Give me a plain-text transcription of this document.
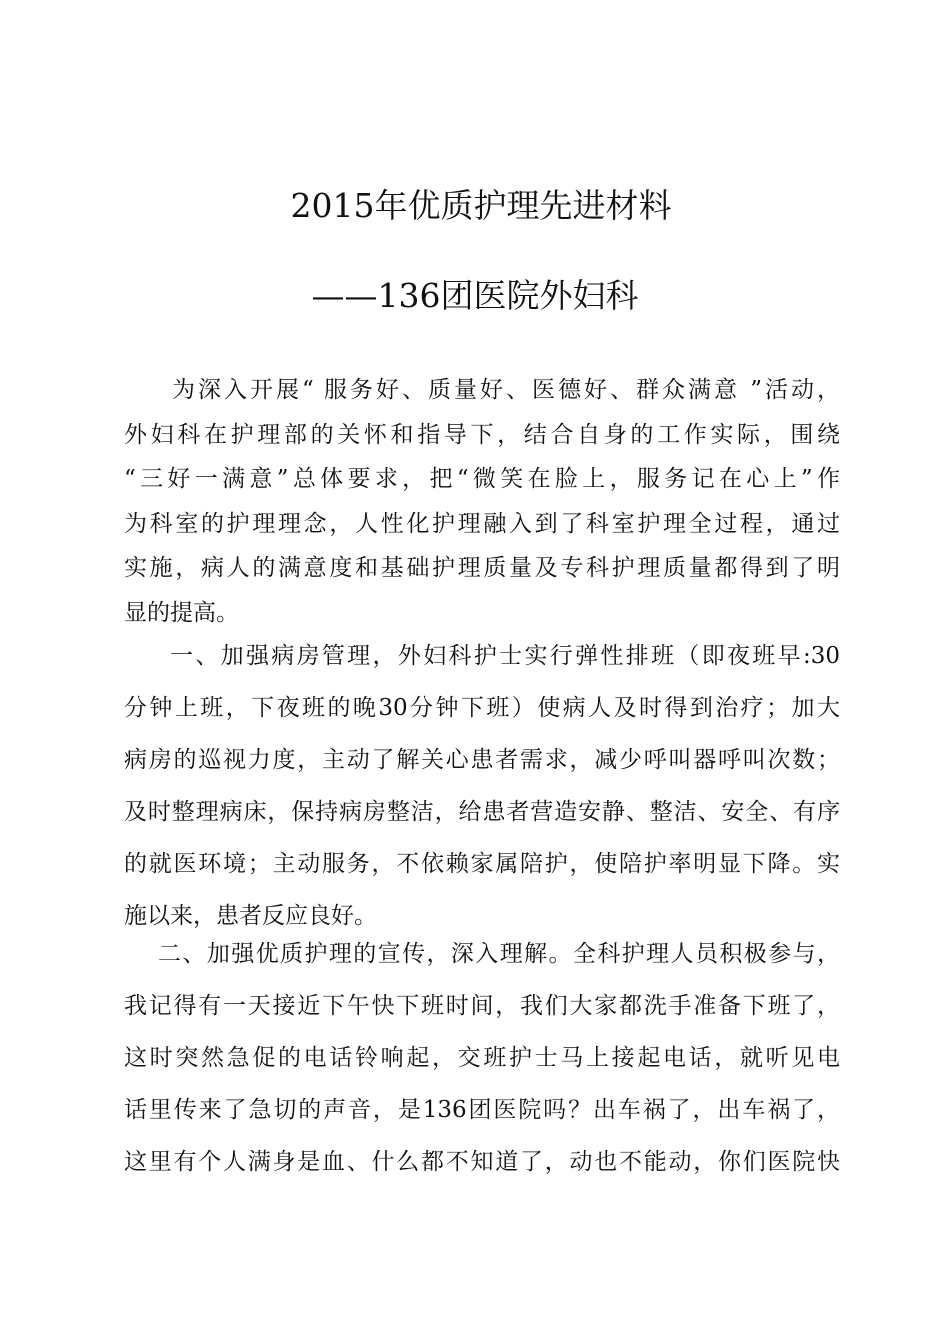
2015年优质护理先进材料
——136团医院外妇科
为深入开展“ 服务好、质量好、医德好、群众满意 ”活动，
外妇科在护理部的关怀和指导下，结合自身的工作实际，围绕
“三好一满意”总体要求，把“微笑在脸上，服务记在心上”作
为科室的护理理念，人性化护理融入到了科室护理全过程，通过
实施，病人的满意度和基础护理质量及专科护理质量都得到了明
显的提高。
一、加强病房管理，外妇科护士实行弹性排班（即夜班早:30
分钟上班，下夜班的晚30分钟下班）使病人及时得到治疗；加大
病房的巡视力度，主动了解关心患者需求，减少呼叫器呼叫次数；
及时整理病床，保持病房整洁，给患者营造安静、整洁、安全、有序
的就医环境；主动服务，不依赖家属陪护，使陪护率明显下降。实
施以来，患者反应良好。
二、加强优质护理的宣传，深入理解。全科护理人员积极参与，
我记得有一天接近下午快下班时间，我们大家都洗手准备下班了，
这时突然急促的电话铃响起，交班护士马上接起电话，就听见电
话里传来了急切的声音，是136团医院吗？出车祸了，出车祸了，
这里有个人满身是血、什么都不知道了，动也不能动，你们医院快
